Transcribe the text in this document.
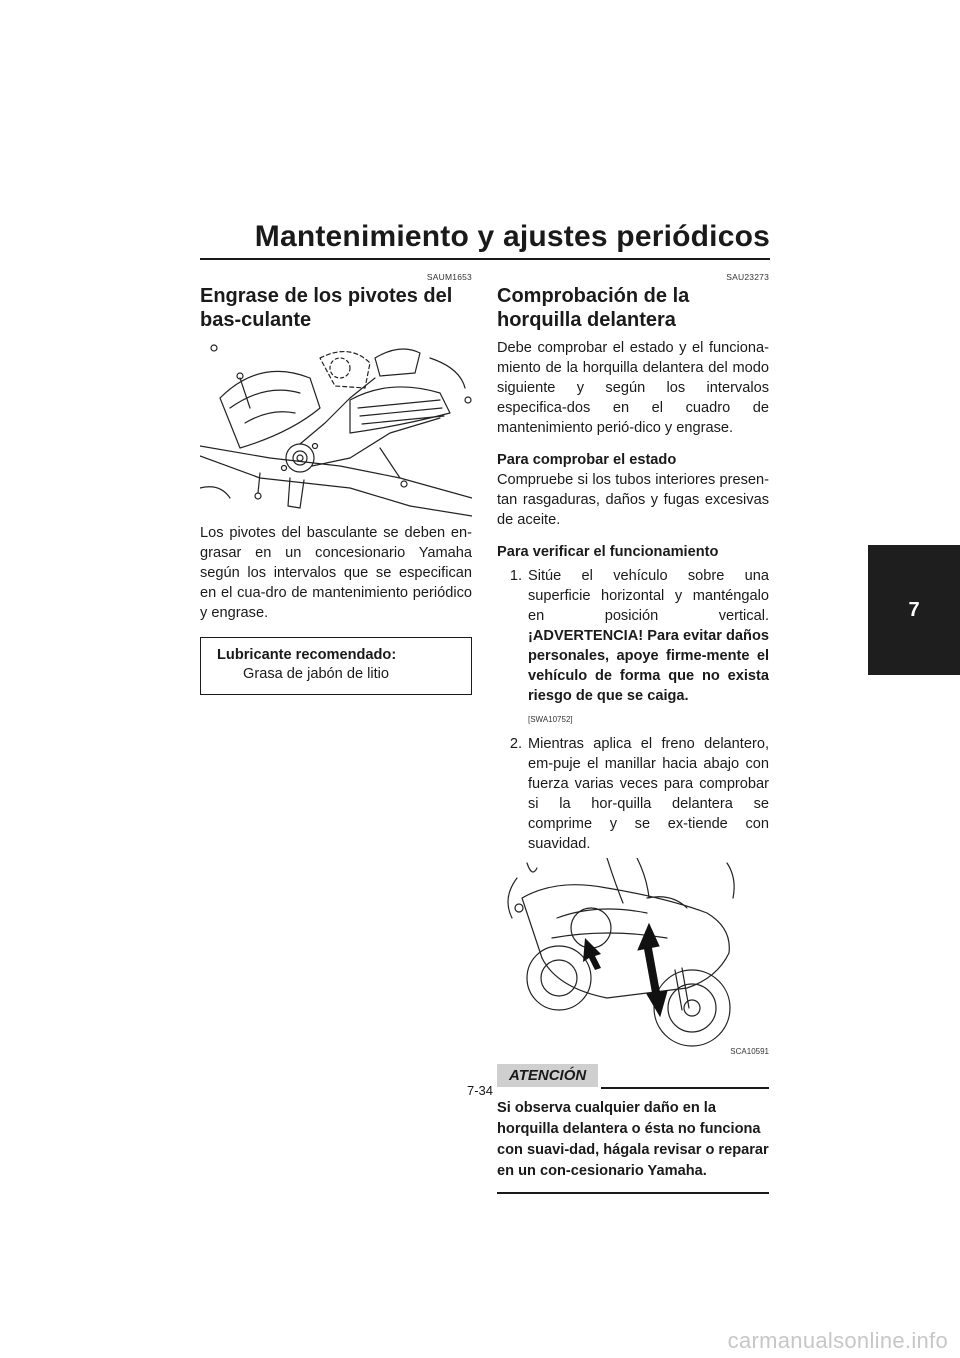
Mantenimiento y ajustes periódicos
7
SAUM1653
Engrase de los pivotes del bas-culante

Los pivotes del basculante se deben en-grasar en un concesionario Yamaha según los intervalos que se especifican en el cua-dro de mantenimiento periódico y engrase.

Lubricante recomendado:
Grasa de jabón de litio
SAU23273
Comprobación de la horquilla delantera

Debe comprobar el estado y el funciona-miento de la horquilla delantera del modo siguiente y según los intervalos especifica-dos en el cuadro de mantenimiento perió-dico y engrase.

Para comprobar el estado

Compruebe si los tubos interiores presen-tan rasgaduras, daños y fugas excesivas de aceite.

Para verificar el funcionamiento
1. Sitúe el vehículo sobre una superficie horizontal y manténgalo en posición vertical. ¡ADVERTENCIA! Para evitar daños personales, apoye firme-mente el vehículo de forma que no exista riesgo de que se caiga.
[SWA10752]
2. Mientras aplica el freno delantero, em-puje el manillar hacia abajo con fuerza varias veces para comprobar si la hor-quilla delantera se comprime y se ex-tiende con suavidad.
SCA10591
ATENCIÓN
Si observa cualquier daño en la horquilla delantera o ésta no funciona con suavi-dad, hágala revisar o reparar en un con-cesionario Yamaha.
7-34
carmanualsonline.info
